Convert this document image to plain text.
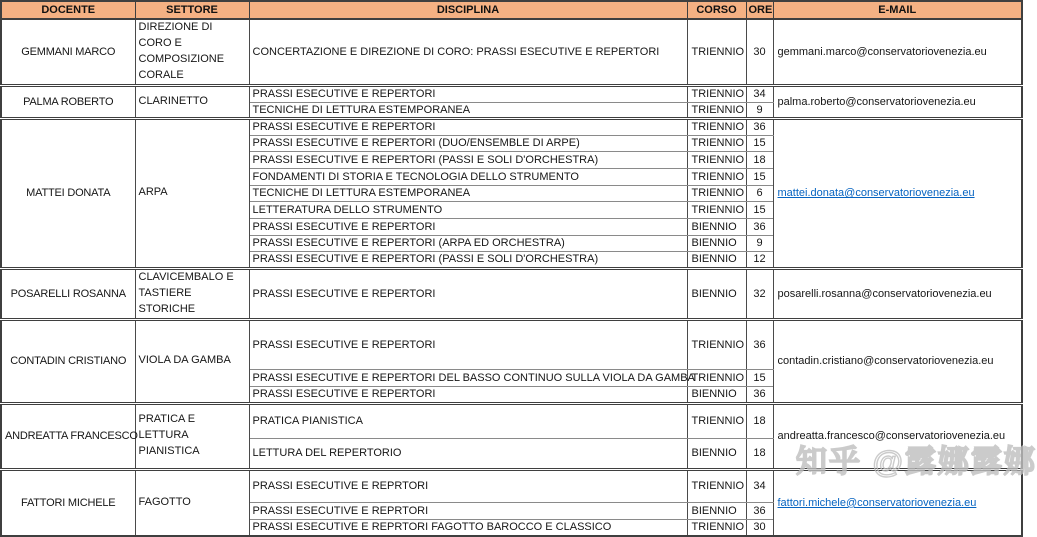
DOCENTE	SETTORE	DISCIPLINA	CORSO	ORE	E-MAIL
GEMMANI MARCO	DIREZIONE DI CORO E COMPOSIZIONE CORALE	CONCERTAZIONE E DIREZIONE DI CORO: PRASSI ESECUTIVE E REPERTORI	TRIENNIO	30	gemmani.marco@conservatoriovenezia.eu
PALMA ROBERTO	CLARINETTO	PRASSI ESECUTIVE E REPERTORI	TRIENNIO	34	palma.roberto@conservatoriovenezia.eu
		TECNICHE DI LETTURA ESTEMPORANEA	TRIENNIO	9	
MATTEI DONATA	ARPA	PRASSI ESECUTIVE E REPERTORI	TRIENNIO	36	mattei.donata@conservatoriovenezia.eu
		PRASSI ESECUTIVE E REPERTORI (DUO/ENSEMBLE DI ARPE)	TRIENNIO	15	
		PRASSI ESECUTIVE E REPERTORI (PASSI E SOLI D'ORCHESTRA)	TRIENNIO	18	
		FONDAMENTI DI STORIA E TECNOLOGIA DELLO STRUMENTO	TRIENNIO	15	
		TECNICHE DI LETTURA ESTEMPORANEA	TRIENNIO	6	
		LETTERATURA DELLO STRUMENTO	TRIENNIO	15	
		PRASSI ESECUTIVE E REPERTORI	BIENNIO	36	
		PRASSI ESECUTIVE E REPERTORI (ARPA ED ORCHESTRA)	BIENNIO	9	
		PRASSI ESECUTIVE E REPERTORI (PASSI E SOLI D'ORCHESTRA)	BIENNIO	12	
POSARELLI ROSANNA	CLAVICEMBALO E TASTIERE STORICHE	PRASSI ESECUTIVE E REPERTORI	BIENNIO	32	posarelli.rosanna@conservatoriovenezia.eu
CONTADIN CRISTIANO	VIOLA DA GAMBA	PRASSI ESECUTIVE E REPERTORI	TRIENNIO	36	contadin.cristiano@conservatoriovenezia.eu
		PRASSI ESECUTIVE E REPERTORI DEL BASSO CONTINUO SULLA VIOLA DA GAMBA	TRIENNIO	15	
		PRASSI ESECUTIVE E REPERTORI	BIENNIO	36	
ANDREATTA FRANCESCO	PRATICA E LETTURA PIANISTICA	PRATICA PIANISTICA	TRIENNIO	18	andreatta.francesco@conservatoriovenezia.eu
		LETTURA DEL REPERTORIO	BIENNIO	18	
FATTORI MICHELE	FAGOTTO	PRASSI ESECUTIVE E REPRTORI	TRIENNIO	34	fattori.michele@conservatoriovenezia.eu
		PRASSI ESECUTIVE E REPRTORI	BIENNIO	36	
		PRASSI ESECUTIVE E REPRTORI FAGOTTO BAROCCO E CLASSICO	TRIENNIO	30	
